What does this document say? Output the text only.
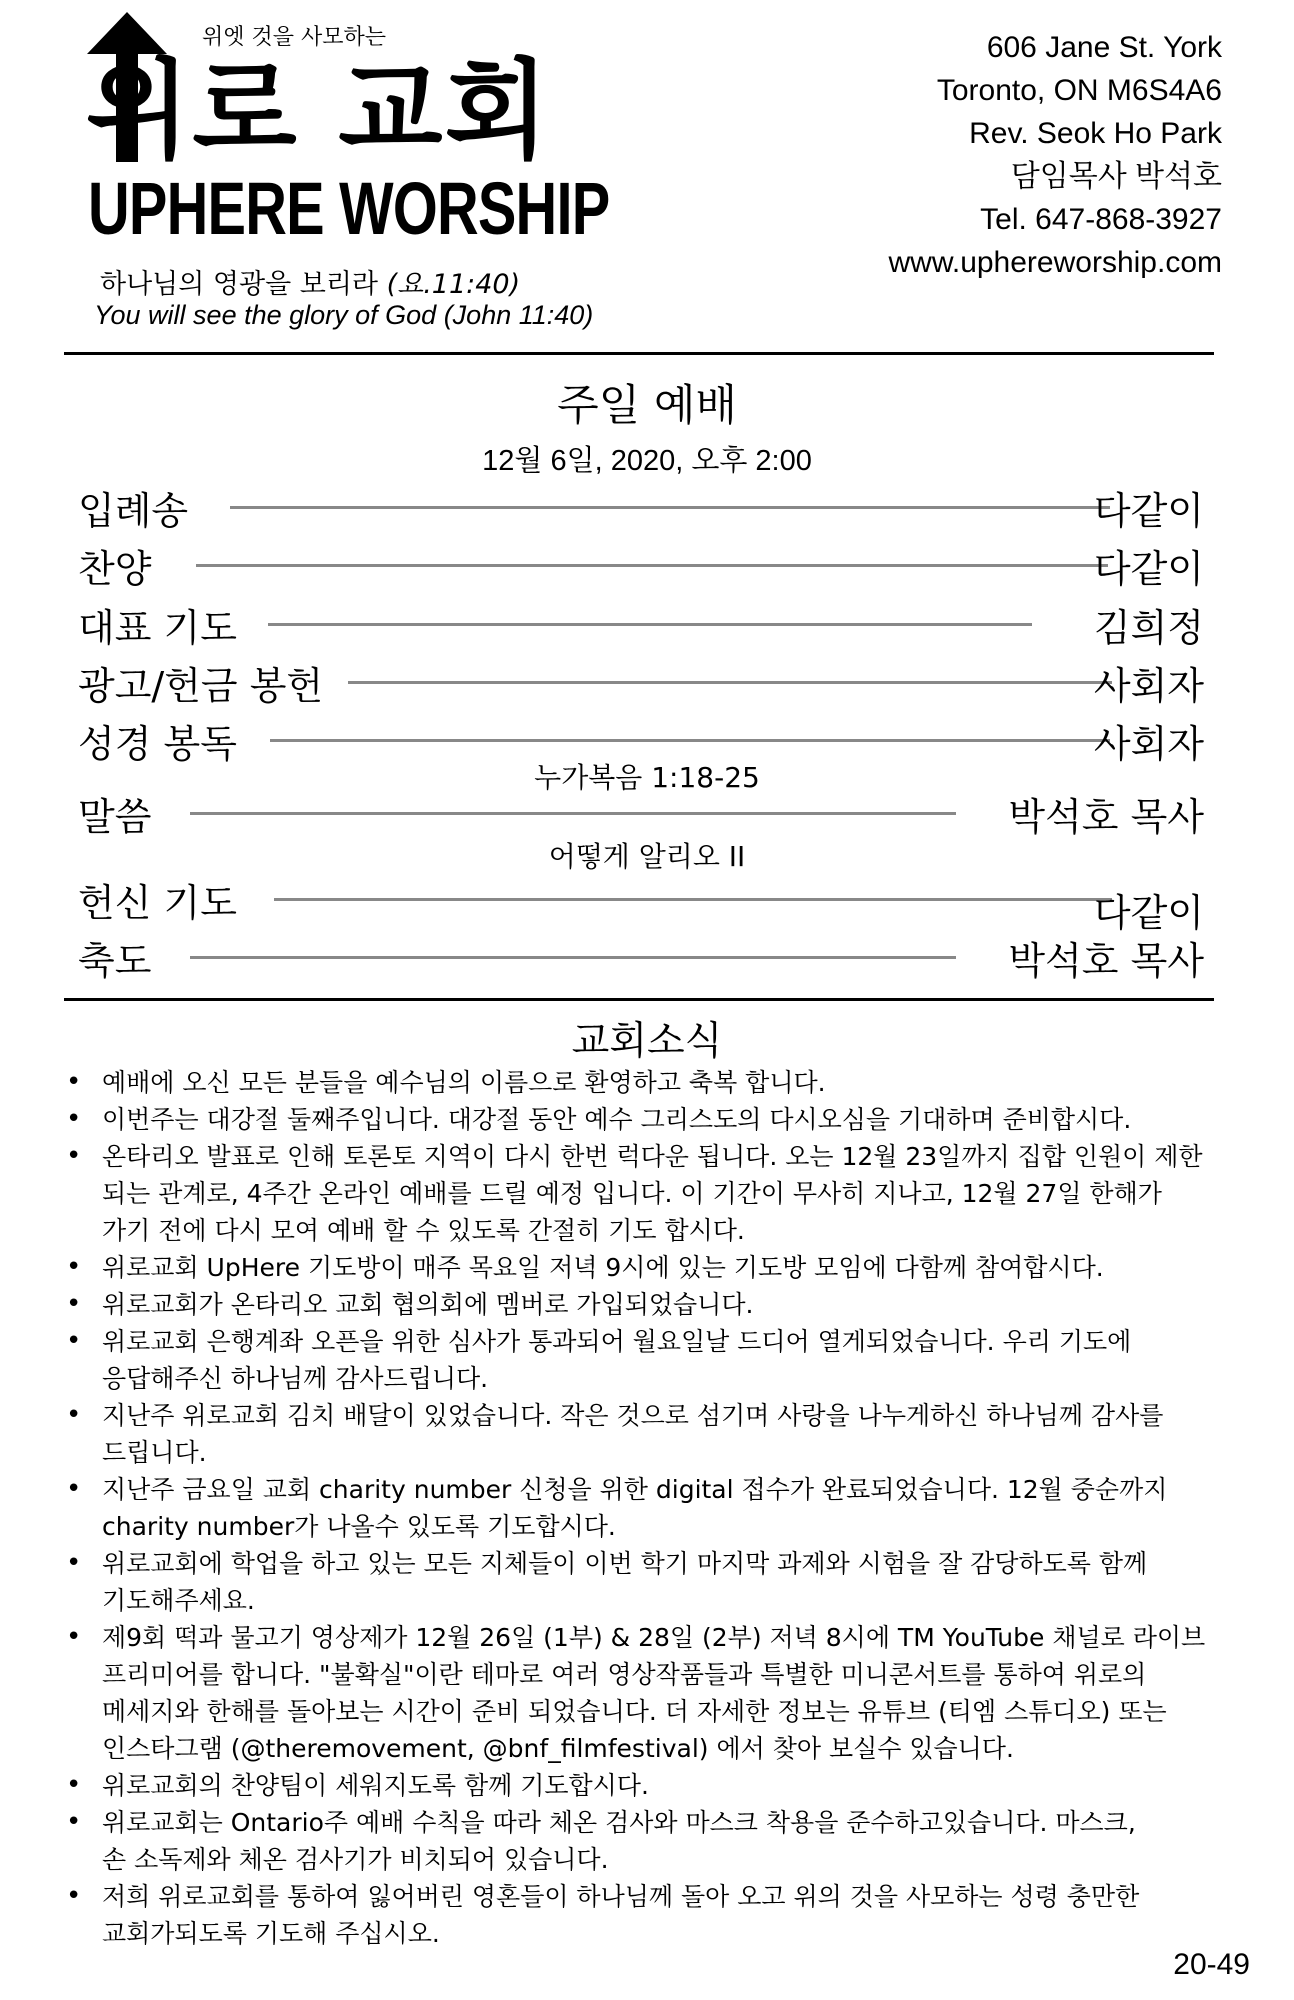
위엣 것을 사모하는
위로 교회
UPHERE WORSHIP
하나님의 영광을 보리라 (요.11:40)
You will see the glory of God (John 11:40)
606 Jane St. York
Toronto, ON M6S4A6
Rev. Seok Ho Park
담임목사 박석호
Tel. 647-868-3927
www.uphereworship.com
주일 예배
12월 6일, 2020, 오후 2:00
입례송	다같이
찬양	다같이
대표 기도	김희정
광고/헌금 봉헌	사회자
성경 봉독	사회자
누가복음 1:18-25
말씀	박석호 목사
어떻게 알리오 II
헌신 기도	다같이
축도	박석호 목사
교회소식
• 예배에 오신 모든 분들을 예수님의 이름으로 환영하고 축복 합니다.
• 이번주는 대강절 둘째주입니다. 대강절 동안 예수 그리스도의 다시오심을 기대하며 준비합시다.
• 온타리오 발표로 인해 토론토 지역이 다시 한번 럭다운 됩니다. 오는 12월 23일까지 집합 인원이 제한
되는 관계로, 4주간 온라인 예배를 드릴 예정 입니다. 이 기간이 무사히 지나고, 12월 27일 한해가
가기 전에 다시 모여 예배 할 수 있도록 간절히 기도 합시다.
• 위로교회 UpHere 기도방이 매주 목요일 저녁 9시에 있는 기도방 모임에 다함께 참여합시다.
• 위로교회가 온타리오 교회 협의회에 멤버로 가입되었습니다.
• 위로교회 은행계좌 오픈을 위한 심사가 통과되어 월요일날 드디어 열게되었습니다. 우리 기도에
응답해주신 하나님께 감사드립니다.
• 지난주 위로교회 김치 배달이 있었습니다. 작은 것으로 섬기며 사랑을 나누게하신 하나님께 감사를
드립니다.
• 지난주 금요일 교회 charity number 신청을 위한 digital 접수가 완료되었습니다. 12월 중순까지
charity number가 나올수 있도록 기도합시다.
• 위로교회에 학업을 하고 있는 모든 지체들이 이번 학기 마지막 과제와 시험을 잘 감당하도록 함께
기도해주세요.
• 제9회 떡과 물고기 영상제가 12월 26일 (1부) & 28일 (2부) 저녁 8시에 TM YouTube 채널로 라이브
프리미어를 합니다. "불확실"이란 테마로 여러 영상작품들과 특별한 미니콘서트를 통하여 위로의
메세지와 한해를 돌아보는 시간이 준비 되었습니다. 더 자세한 정보는 유튜브 (티엠 스튜디오) 또는
인스타그램 (@theremovement, @bnf_filmfestival) 에서 찾아 보실수 있습니다.
• 위로교회의 찬양팀이 세워지도록 함께 기도합시다.
• 위로교회는 Ontario주 예배 수칙을 따라 체온 검사와 마스크 착용을 준수하고있습니다. 마스크,
손 소독제와 체온 검사기가 비치되어 있습니다.
• 저희 위로교회를 통하여 잃어버린 영혼들이 하나님께 돌아 오고 위의 것을 사모하는 성령 충만한
교회가되도록 기도해 주십시오.
20-49
